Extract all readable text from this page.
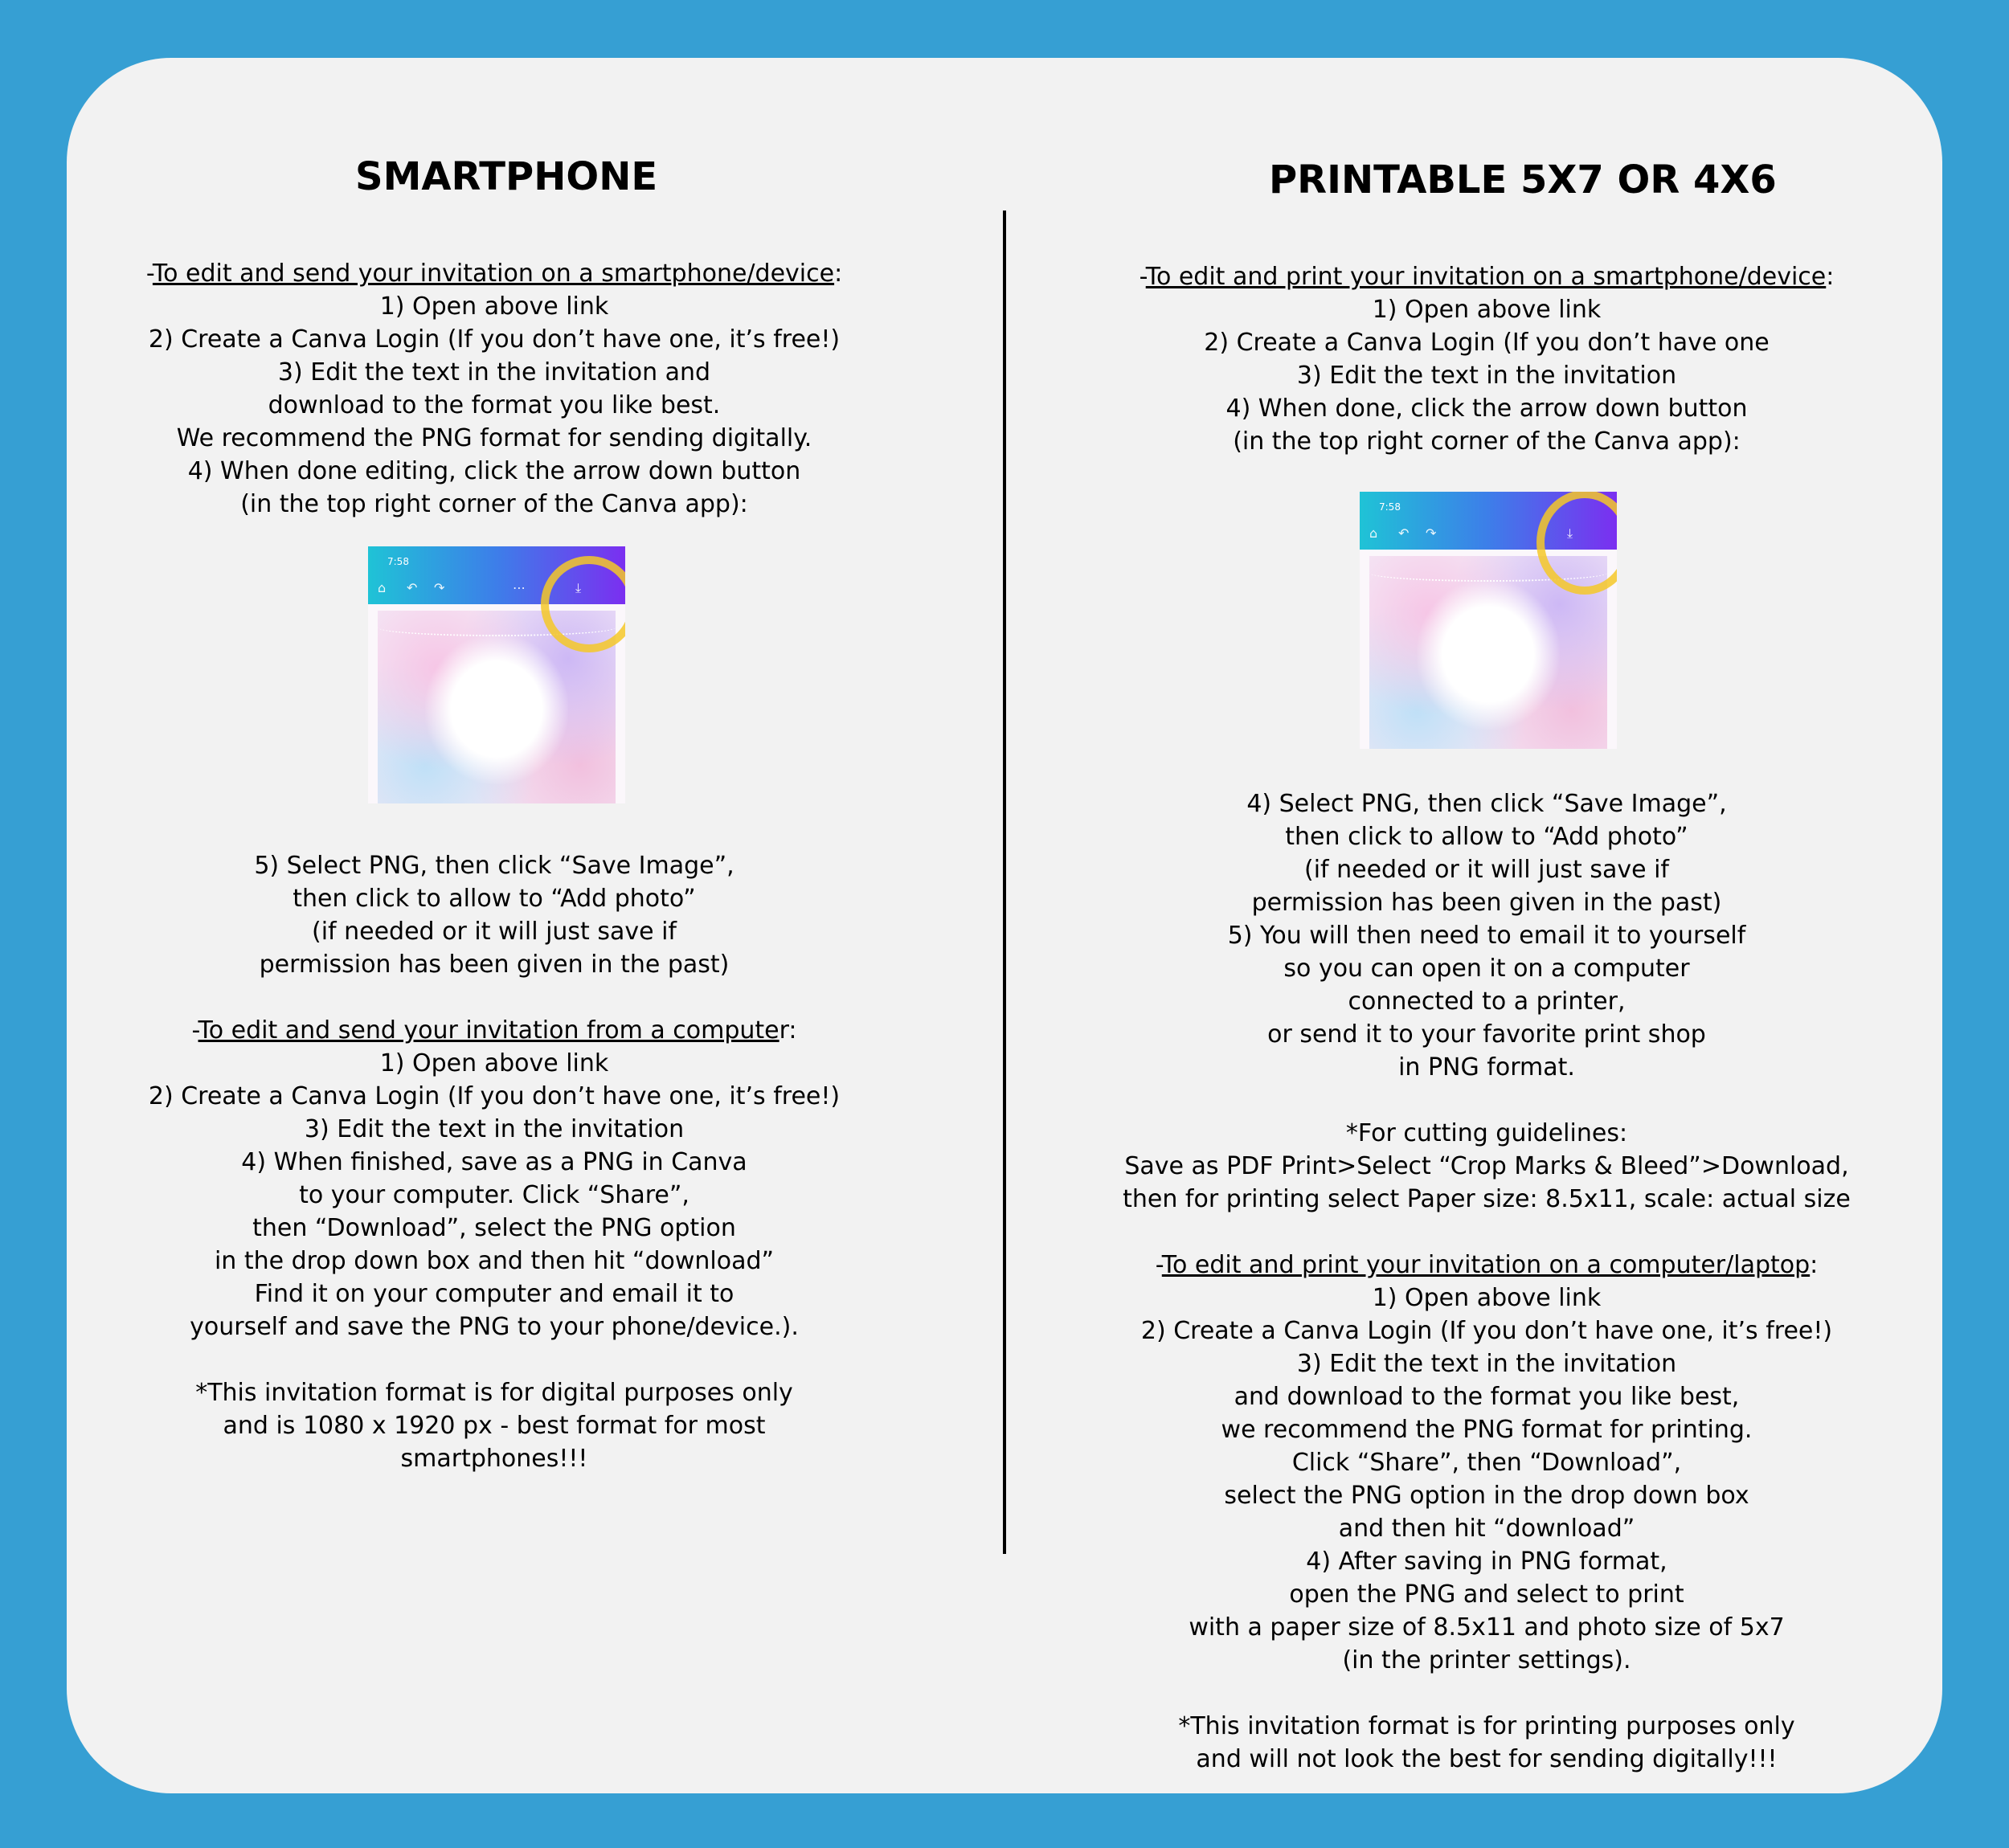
SMARTPHONE
-To edit and send your invitation on a smartphone/device:
1) Open above link
2) Create a Canva Login (If you don’t have one, it’s free!)
3) Edit the text in the invitation and
download to the format you like best.
We recommend the PNG format for sending digitally.
4) When done editing, click the arrow down button
(in the top right corner of the Canva app):
7:58
⌂ ↶ ↷	⋯	⤓
5) Select PNG, then click “Save Image”,
then click to allow to “Add photo”
(if needed or it will just save if
permission has been given in the past)
-To edit and send your invitation from a computer:
1) Open above link
2) Create a Canva Login (If you don’t have one, it’s free!)
3) Edit the text in the invitation
4) When finished, save as a PNG in Canva
to your computer. Click “Share”,
then “Download”, select the PNG option
in the drop down box and then hit “download”
Find it on your computer and email it to
yourself and save the PNG to your phone/device.).
*This invitation format is for digital purposes only
and is 1080 x 1920 px - best format for most
smartphones!!!
PRINTABLE 5X7 OR 4X6
-To edit and print your invitation on a smartphone/device:
1) Open above link
2) Create a Canva Login (If you don’t have one
3) Edit the text in the invitation
4) When done, click the arrow down button
(in the top right corner of the Canva app):
7:58
⌂ ↶ ↷	⤓
4) Select PNG, then click “Save Image”,
then click to allow to “Add photo”
(if needed or it will just save if
permission has been given in the past)
5) You will then need to email it to yourself
so you can open it on a computer
connected to a printer,
or send it to your favorite print shop
in PNG format.
*For cutting guidelines:
Save as PDF Print>Select “Crop Marks & Bleed”>Download,
then for printing select Paper size: 8.5x11, scale: actual size
-To edit and print your invitation on a computer/laptop:
1) Open above link
2) Create a Canva Login (If you don’t have one, it’s free!)
3) Edit the text in the invitation
and download to the format you like best,
we recommend the PNG format for printing.
Click “Share”, then “Download”,
select the PNG option in the drop down box
and then hit “download”
4) After saving in PNG format,
open the PNG and select to print
with a paper size of 8.5x11 and photo size of 5x7
(in the printer settings).
*This invitation format is for printing purposes only
and will not look the best for sending digitally!!!
